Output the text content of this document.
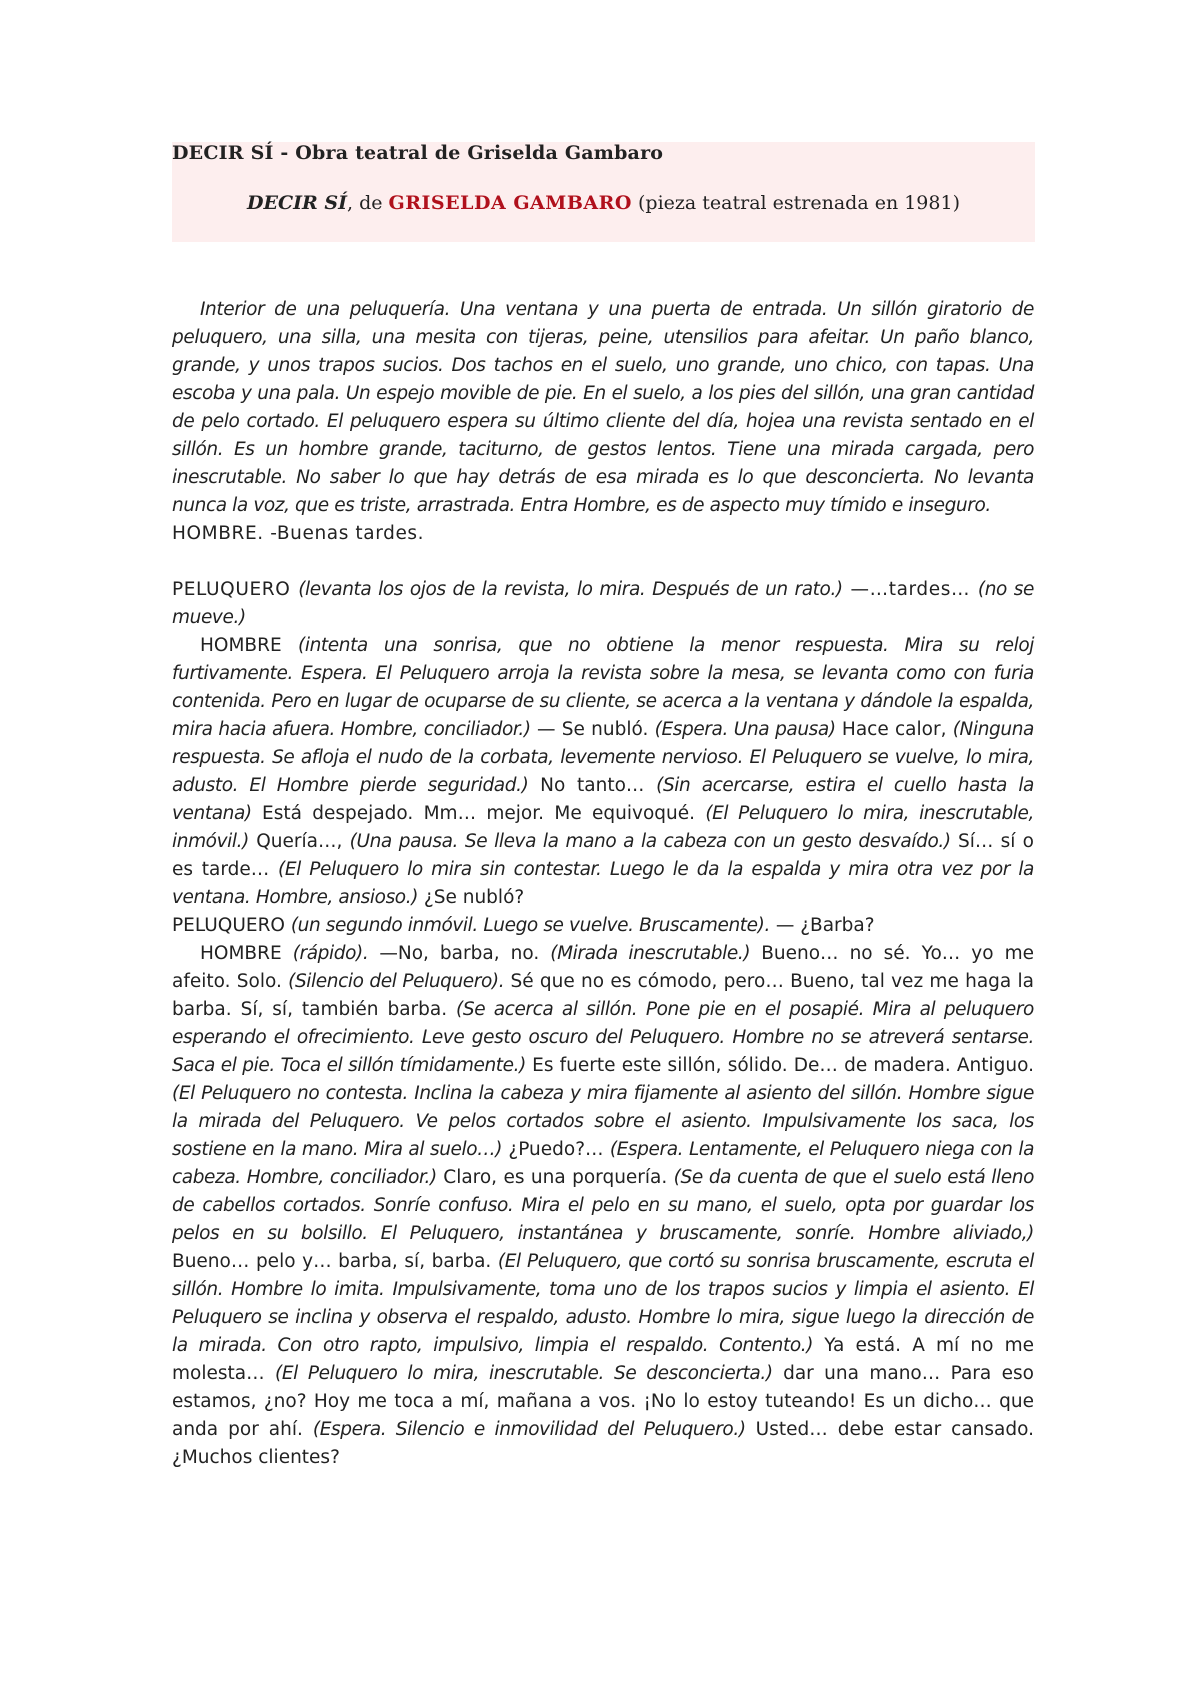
DECIR SÍ - Obra teatral de Griselda Gambaro
DECIR SÍ, de GRISELDA GAMBARO (pieza teatral estrenada en 1981)

Interior de una peluquería. Una ventana y una puerta de entrada. Un sillón giratorio de peluquero, una silla, una mesita con tijeras, peine, utensilios para afeitar. Un paño blanco, grande, y unos trapos sucios. Dos tachos en el suelo, uno grande, uno chico, con tapas. Una escoba y una pala. Un espejo movible de pie. En el suelo, a los pies del sillón, una gran cantidad de pelo cortado. El peluquero espera su último cliente del día, hojea una revista sentado en el sillón. Es un hombre grande, taciturno, de gestos lentos. Tiene una mirada cargada, pero inescrutable. No saber lo que hay detrás de esa mirada es lo que desconcierta. No levanta nunca la voz, que es triste, arrastrada. Entra Hombre, es de aspecto muy tímido e inseguro.

HOMBRE. -Buenas tardes.

PELUQUERO (levanta los ojos de la revista, lo mira. Después de un rato.) —…tardes… (no se mueve.)

HOMBRE (intenta una sonrisa, que no obtiene la menor respuesta. Mira su reloj furtivamente. Espera. El Peluquero arroja la revista sobre la mesa, se levanta como con furia contenida. Pero en lugar de ocuparse de su cliente, se acerca a la ventana y dándole la espalda, mira hacia afuera. Hombre, conciliador.) — Se nubló. (Espera. Una pausa) Hace calor, (Ninguna respuesta. Se afloja el nudo de la corbata, levemente nervioso. El Peluquero se vuelve, lo mira, adusto. El Hombre pierde seguridad.) No tanto… (Sin acercarse, estira el cuello hasta la ventana) Está despejado. Mm… mejor. Me equivoqué. (El Peluquero lo mira, inescrutable, inmóvil.) Quería…, (Una pausa. Se lleva la mano a la cabeza con un gesto desvaído.) Sí… sí o es tarde… (El Peluquero lo mira sin contestar. Luego le da la espalda y mira otra vez por la ventana. Hombre, ansioso.) ¿Se nubló?

PELUQUERO (un segundo inmóvil. Luego se vuelve. Bruscamente). — ¿Barba?

HOMBRE (rápido). —No, barba, no. (Mirada inescrutable.) Bueno… no sé. Yo… yo me afeito. Solo. (Silencio del Peluquero). Sé que no es cómodo, pero… Bueno, tal vez me haga la barba. Sí, sí, también barba. (Se acerca al sillón. Pone pie en el posapié. Mira al peluquero esperando el ofrecimiento. Leve gesto oscuro del Peluquero. Hombre no se atreverá sentarse. Saca el pie. Toca el sillón tímidamente.) Es fuerte este sillón, sólido. De… de madera. Antiguo. (El Peluquero no contesta. Inclina la cabeza y mira fijamente al asiento del sillón. Hombre sigue la mirada del Peluquero. Ve pelos cortados sobre el asiento. Impulsivamente los saca, los sostiene en la mano. Mira al suelo…) ¿Puedo?… (Espera. Lentamente, el Peluquero niega con la cabeza. Hombre, conciliador.) Claro, es una porquería. (Se da cuenta de que el suelo está lleno de cabellos cortados. Sonríe confuso. Mira el pelo en su mano, el suelo, opta por guardar los pelos en su bolsillo. El Peluquero, instantánea y bruscamente, sonríe. Hombre aliviado,) Bueno… pelo y… barba, sí, barba. (El Peluquero, que cortó su sonrisa bruscamente, escruta el sillón. Hombre lo imita. Impulsivamente, toma uno de los trapos sucios y limpia el asiento. El Peluquero se inclina y observa el respaldo, adusto. Hombre lo mira, sigue luego la dirección de la mirada. Con otro rapto, impulsivo, limpia el respaldo. Contento.) Ya está. A mí no me molesta… (El Peluquero lo mira, inescrutable. Se desconcierta.) dar una mano… Para eso estamos, ¿no? Hoy me toca a mí, mañana a vos. ¡No lo estoy tuteando! Es un dicho… que anda por ahí. (Espera. Silencio e inmovilidad del Peluquero.) Usted… debe estar cansado. ¿Muchos clientes?
